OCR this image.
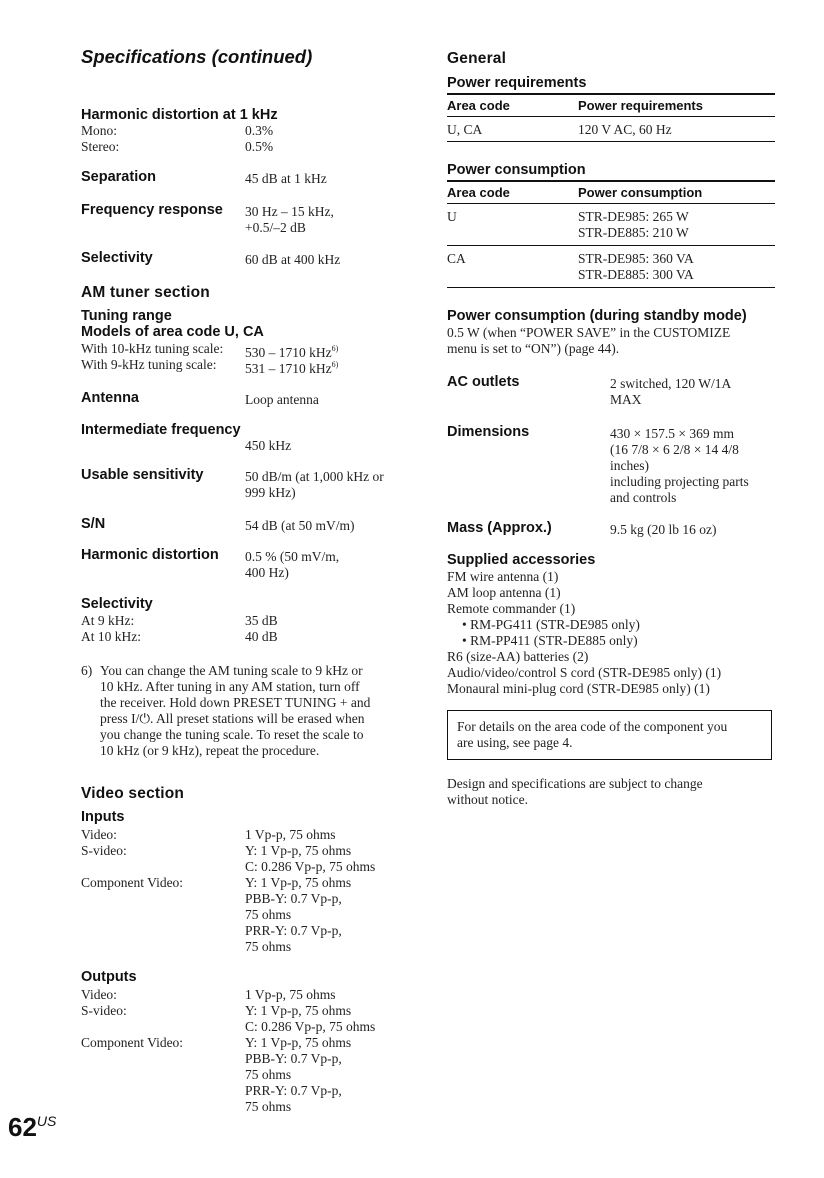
Specifications (continued)
Harmonic distortion at 1 kHz
Mono:	0.3%
Stereo:	0.5%
Separation	45 dB at 1 kHz
Frequency response 30 Hz – 15 kHz,
+0.5/–2 dB
Selectivity	60 dB at 400 kHz
AM tuner section
Tuning range
Models of area code U, CA
With 10-kHz tuning scale: 530 – 1710 kHz$^{6)}$
With 9-kHz tuning scale: 531 – 1710 kHz$^{6)}$
Antenna	Loop antenna
Intermediate frequency
450 kHz
Usable sensitivity	50 dB/m (at 1,000 kHz or
999 kHz)
S/N	54 dB (at 50 mV/m)
Harmonic distortion 0.5 % (50 mV/m,
400 Hz)
Selectivity
At 9 kHz:	35 dB
At 10 kHz:	40 dB
6) You can change the AM tuning scale to 9 kHz or
10 kHz. After tuning in any AM station, turn off
the receiver. Hold down PRESET TUNING + and
press I/⏻. All preset stations will be erased when
you change the tuning scale. To reset the scale to
10 kHz (or 9 kHz), repeat the procedure.
Video section
Inputs
Video:	1 Vp-p, 75 ohms
S-video:	Y: 1 Vp-p, 75 ohms
C: 0.286 Vp-p, 75 ohms
Component Video:	Y: 1 Vp-p, 75 ohms
PBB-Y: 0.7 Vp-p,
75 ohms
PRR-Y: 0.7 Vp-p,
75 ohms
Outputs
Video:	1 Vp-p, 75 ohms
S-video:	Y: 1 Vp-p, 75 ohms
C: 0.286 Vp-p, 75 ohms
Component Video:	Y: 1 Vp-p, 75 ohms
PBB-Y: 0.7 Vp-p,
75 ohms
PRR-Y: 0.7 Vp-p,
75 ohms
$62^{US}$
General
Power requirements
Area code	Power requirements
U, CA	120 V AC, 60 Hz
Power consumption
Area code	Power consumption
U	STR-DE985: 265 W
STR-DE885: 210 W
CA	STR-DE985: 360 VA
STR-DE885: 300 VA
Power consumption (during standby mode)
0.5 W (when “POWER SAVE” in the CUSTOMIZE
menu is set to “ON”) (page 44).
AC outlets	2 switched, 120 W/1A
MAX
Dimensions	430 × 157.5 × 369 mm
(16 7/8 × 6 2/8 × 14 4/8
inches)
including projecting parts
and controls
Mass (Approx.)	9.5 kg (20 lb 16 oz)
Supplied accessories
FM wire antenna (1)
AM loop antenna (1)
Remote commander (1)
• RM-PG411 (STR-DE985 only)
• RM-PP411 (STR-DE885 only)
R6 (size-AA) batteries (2)
Audio/video/control S cord (STR-DE985 only) (1)
Monaural mini-plug cord (STR-DE985 only) (1)
For details on the area code of the component you
are using, see page 4.
Design and specifications are subject to change
without notice.
